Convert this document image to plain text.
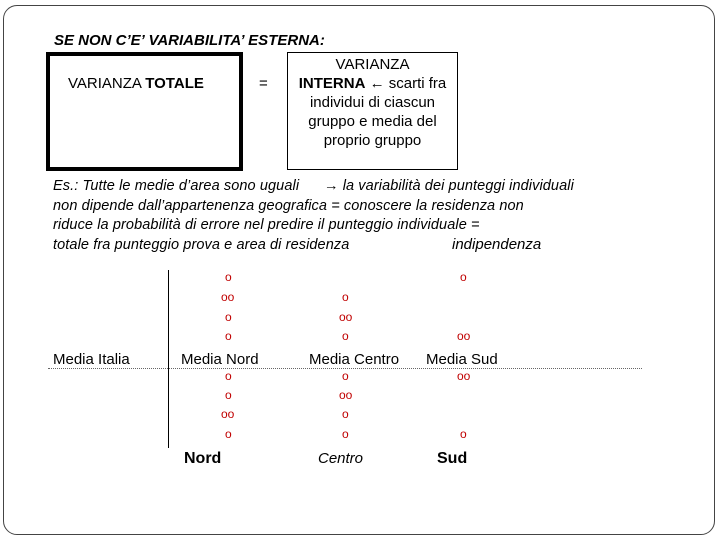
SE NON C’E’ VARIABILITA’ ESTERNA:
VARIANZA TOTALE	=
VARIANZA
INTERNA ← scarti fra individui di ciascun gruppo e media del proprio gruppo
Es.: Tutte le medie d’area sono uguali → la variabilità dei punteggi individuali
non dipende dall’appartenenza geografica = conoscere la residenza non
riduce la probabilità di errore nel predire il punteggio individuale =
totale fra punteggio prova e area di residenza	indipendenza
Media Italia	Media Nord	Media Centro Media Sud
o
oo
o
o
o
o
oo
o
o
oo
o
o
oo
o
o
o
oo
oo
o
Nord	Centro	Sud
